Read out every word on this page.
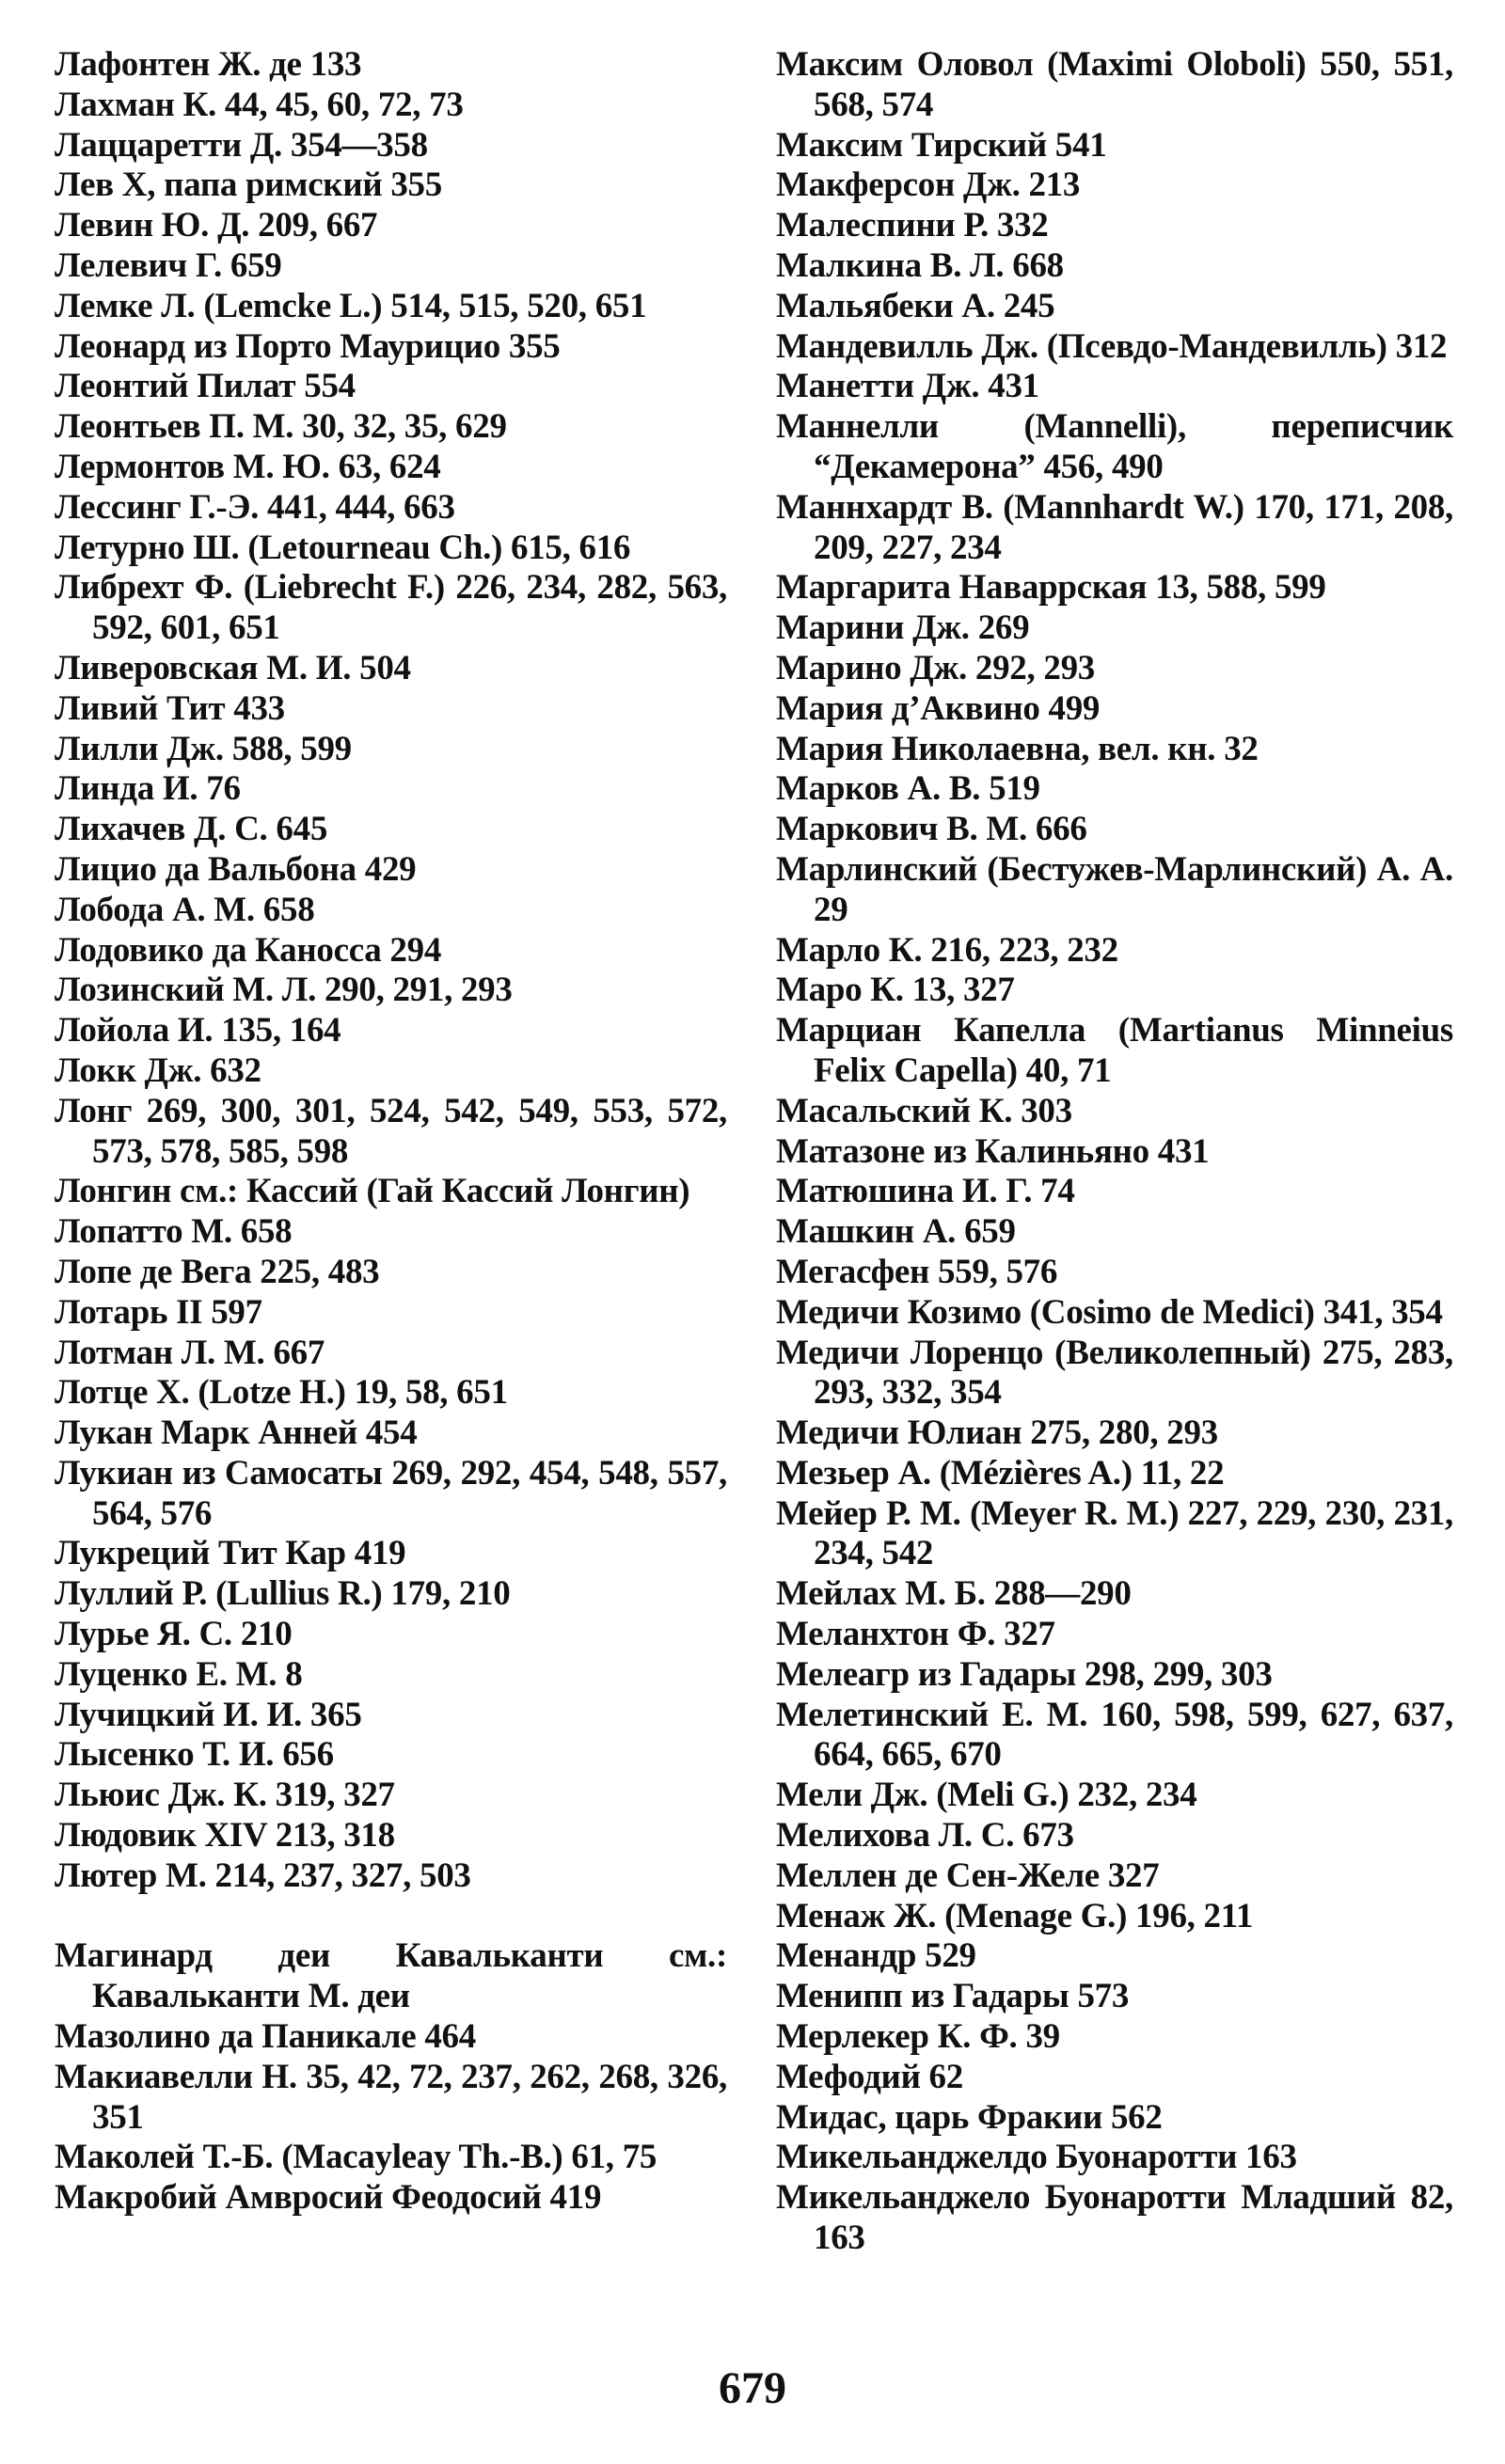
Лафонтен Ж. де 133
Лахман К. 44, 45, 60, 72, 73
Лаццаретти Д. 354—358
Лев X, папа римский 355
Левин Ю. Д. 209, 667
Лелевич Г. 659
Лемке Л. (Lemcke L.) 514, 515, 520, 651
Леонард из Порто Маурицио 355
Леонтий Пилат 554
Леонтьев П. М. 30, 32, 35, 629
Лермонтов М. Ю. 63, 624
Лессинг Г.-Э. 441, 444, 663
Летурно Ш. (Letourneau Ch.) 615, 616
Либрехт Ф. (Liebrecht F.) 226, 234, 282, 563, 592, 601, 651
Ливеровская М. И. 504
Ливий Тит 433
Лилли Дж. 588, 599
Линда И. 76
Лихачев Д. С. 645
Лицио да Вальбона 429
Лобода А. М. 658
Лодовико да Каносса 294
Лозинский М. Л. 290, 291, 293
Лойола И. 135, 164
Локк Дж. 632
Лонг 269, 300, 301, 524, 542, 549, 553, 572, 573, 578, 585, 598
Лонгин см.: Кассий (Гай Кассий Лонгин)
Лопатто М. 658
Лопе де Вега 225, 483
Лотарь II 597
Лотман Л. М. 667
Лотце Х. (Lotze H.) 19, 58, 651
Лукан Марк Анней 454
Лукиан из Самосаты 269, 292, 454, 548, 557, 564, 576
Лукреций Тит Кар 419
Луллий Р. (Lullius R.) 179, 210
Лурье Я. С. 210
Луценко Е. М. 8
Лучицкий И. И. 365
Лысенко Т. И. 656
Льюис Дж. К. 319, 327
Людовик XIV 213, 318
Лютер М. 214, 237, 327, 503
Магинард деи Кавальканти см.: Кавальканти М. деи
Мазолино да Паникале 464
Макиавелли Н. 35, 42, 72, 237, 262, 268, 326, 351
Маколей Т.-Б. (Macayleay Th.-B.) 61, 75
Макробий Амвросий Феодосий 419
Максим Оловол (Maximi Oloboli) 550, 551, 568, 574
Максим Тирский 541
Макферсон Дж. 213
Малеспини Р. 332
Малкина В. Л. 668
Мальябеки А. 245
Мандевилль Дж. (Псевдо-Мандевилль) 312
Манетти Дж. 431
Маннелли (Mannelli), переписчик “Декамерона” 456, 490
Маннхардт В. (Mannhardt W.) 170, 171, 208, 209, 227, 234
Маргарита Наваррская 13, 588, 599
Марини Дж. 269
Марино Дж. 292, 293
Мария д’Аквино 499
Мария Николаевна, вел. кн. 32
Марков А. В. 519
Маркович В. М. 666
Марлинский (Бестужев-Марлинский) А. А. 29
Марло К. 216, 223, 232
Маро К. 13, 327
Марциан Капелла (Martianus Minneius Felix Capella) 40, 71
Масальский К. 303
Матазоне из Калиньяно 431
Матюшина И. Г. 74
Машкин А. 659
Мегасфен 559, 576
Медичи Козимо (Cosimo de Medici) 341, 354
Медичи Лоренцо (Великолепный) 275, 283, 293, 332, 354
Медичи Юлиан 275, 280, 293
Мезьер А. (Mézières A.) 11, 22
Мейер Р. М. (Meyer R. M.) 227, 229, 230, 231, 234, 542
Мейлах М. Б. 288—290
Меланхтон Ф. 327
Мелеагр из Гадары 298, 299, 303
Мелетинский Е. М. 160, 598, 599, 627, 637, 664, 665, 670
Мели Дж. (Meli G.) 232, 234
Мелихова Л. С. 673
Меллен де Сен-Желе 327
Менаж Ж. (Menage G.) 196, 211
Менандр 529
Менипп из Гадары 573
Мерлекер К. Ф. 39
Мефодий 62
Мидас, царь Фракии 562
Микельанджелдо Буонаротти 163
Микельанджело Буонаротти Младший 82, 163
679
